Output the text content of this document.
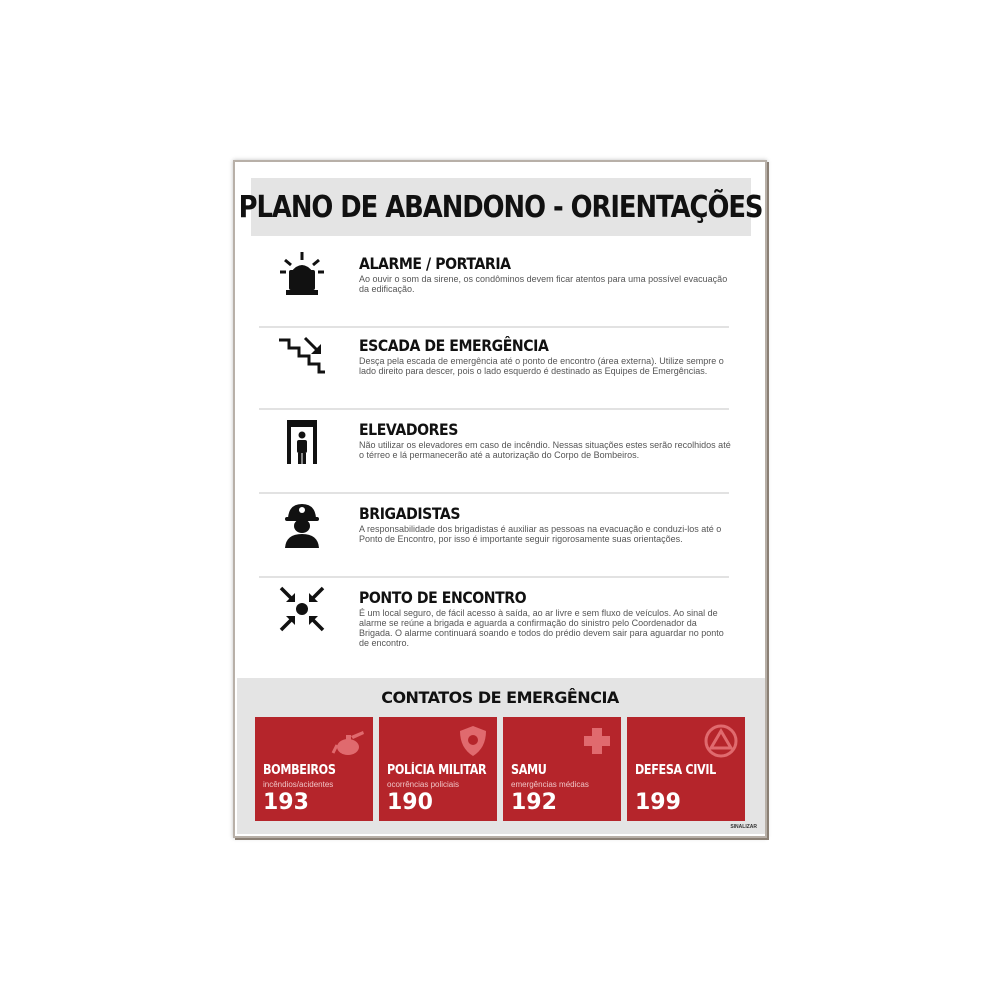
PLANO DE ABANDONO - ORIENTAÇÕES
ALARME / PORTARIA
Ao ouvir o som da sirene, os condôminos devem ficar atentos para uma possível evacuação da edificação.
ESCADA DE EMERGÊNCIA
Desça pela escada de emergência até o ponto de encontro (área externa). Utilize sempre o lado direito para descer, pois o lado esquerdo é destinado as Equipes de Emergências.
ELEVADORES
Não utilizar os elevadores em caso de incêndio. Nessas situações estes serão recolhidos até o térreo e lá permanecerão até a autorização do Corpo de Bombeiros.
BRIGADISTAS
A responsabilidade dos brigadistas é auxiliar as pessoas na evacuação e conduzi-los até o Ponto de Encontro, por isso é importante seguir rigorosamente suas orientações.
PONTO DE ENCONTRO
É um local seguro, de fácil acesso à saída, ao ar livre e sem fluxo de veículos. Ao sinal de alarme se reúne a brigada e aguarda a confirmação do sinistro pelo Coordenador da Brigada. O alarme continuará soando e todos do prédio devem sair para aguardar no ponto de encontro.
CONTATOS DE EMERGÊNCIA
BOMBEIROS
incêndios/acidentes
193
POLÍCIA MILITAR
ocorrências policiais
190
SAMU
emergências médicas
192
DEFESA CIVIL
199
SINALIZAR
